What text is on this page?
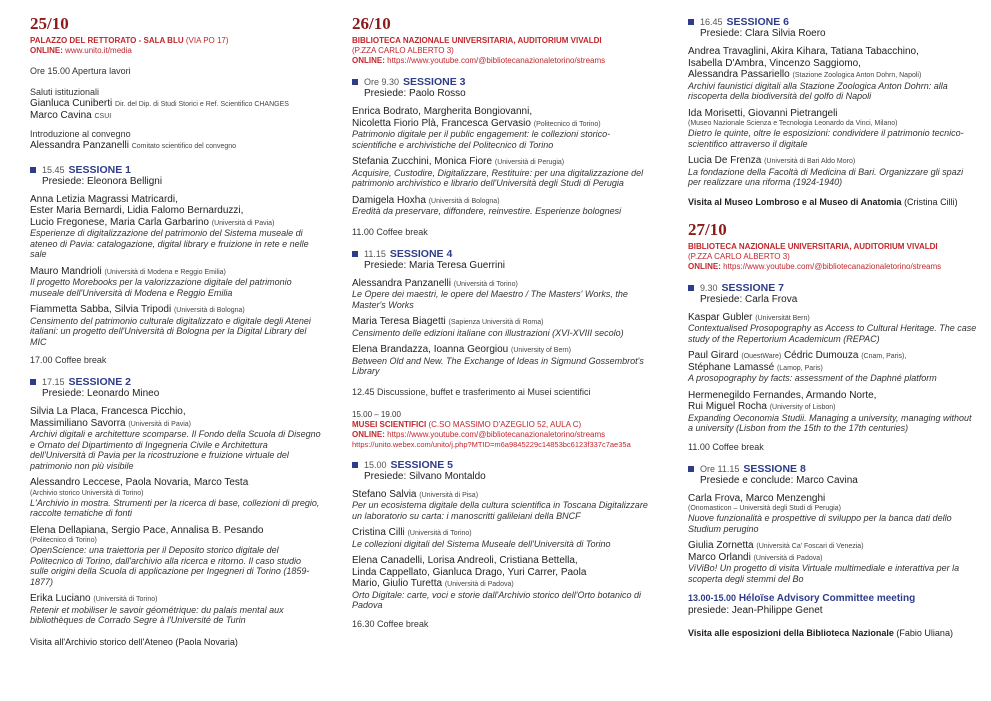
25/10
PALAZZO DEL RETTORATO - SALA BLU (VIA PO 17)
ONLINE: www.unito.it/media
Ore 15.00 Apertura lavori
Saluti istituzionali
Gianluca Cuniberti Dir. del Dip. di Studi Storici e Ref. Scientifico CHANGES
Marco Cavina CSUI
Introduzione al convegno
Alessandra Panzanelli Comitato scientifico del convegno
15.45 SESSIONE 1
Presiede: Eleonora Belligni
Anna Letizia Magrassi Matricardi,
Ester Maria Bernardi, Lidia Falomo Bernarduzzi,
Lucio Fregonese, Maria Carla Garbarino (Università di Pavia)
Esperienze di digitalizzazione del patrimonio del Sistema museale di ateneo di Pavia: catalogazione, digital library e fruizione in rete e nelle sale
Mauro Mandrioli (Università di Modena e Reggio Emilia)
Il progetto Morebooks per la valorizzazione digitale del patrimonio museale dell'Università di Modena e Reggio Emilia
Fiammetta Sabba, Silvia Tripodi (Università di Bologna)
Censimento del patrimonio culturale digitalizzato e digitale degli Atenei italiani: un progetto dell'Università di Bologna per la Digital Library del MIC
17.00 Coffee break
17.15 SESSIONE 2
Presiede: Leonardo Mineo
Silvia La Placa, Francesca Picchio,
Massimiliano Savorra (Università di Pavia)
Archivi digitali e architetture scomparse. Il Fondo della Scuola di Disegno e Ornato del Dipartimento di Ingegneria Civile e Architettura dell'Università di Pavia per la ricostruzione e fruizione virtuale del patrimonio non più visibile
Alessandro Leccese, Paola Novaria, Marco Testa
(Archivio storico Università di Torino)
L'Archivio in mostra. Strumenti per la ricerca di base, collezioni di pregio, raccolte tematiche di fonti
Elena Dellapiana, Sergio Pace, Annalisa B. Pesando
(Politecnico di Torino)
OpenScience: una traiettoria per il Deposito storico digitale del Politecnico di Torino, dall'archivio alla ricerca e ritorno. Il caso studio sulle origini della Scuola di applicazione per Ingegneri di Torino (1859-1877)
Erika Luciano (Università di Torino)
Retenir et mobiliser le savoir géométrique: du palais mental aux bibliothèques de Corrado Segre à l'Université de Turin
Visita all'Archivio storico dell'Ateneo (Paola Novaria)
26/10
BIBLIOTECA NAZIONALE UNIVERSITARIA, AUDITORIUM VIVALDI
(P.ZZA CARLO ALBERTO 3)
ONLINE: https://www.youtube.com/@bibliotecanazionaletorino/streams
Ore 9.30 SESSIONE 3
Presiede: Paolo Rosso
Enrica Bodrato, Margherita Bongiovanni,
Nicoletta Fiorio Plà, Francesca Gervasio (Politecnico di Torino)
Patrimonio digitale per il public engagement: le collezioni storico-scientifiche e archivistiche del Politecnico di Torino
Stefania Zucchini, Monica Fiore (Università di Perugia)
Acquisire, Custodire, Digitalizzare, Restituire: per una digitalizzazione del patrimonio archivistico e librario dell'Università degli Studi di Perugia
Damigela Hoxha (Università di Bologna)
Eredità da preservare, diffondere, reinvestire. Esperienze bolognesi
11.00 Coffee break
11.15 SESSIONE 4
Presiede: Maria Teresa Guerrini
Alessandra Panzanelli (Università di Torino)
Le Opere dei maestri, le opere del Maestro / The Masters' Works, the Master's Works
Maria Teresa Biagetti (Sapienza Università di Roma)
Censimento delle edizioni italiane con illustrazioni (XVI-XVIII secolo)
Elena Brandazza, Ioanna Georgiou (University of Bern)
Between Old and New. The Exchange of Ideas in Sigmund Gossembrot's Library
12.45 Discussione, buffet e trasferimento ai Musei scientifici
15.00 – 19.00
MUSEI SCIENTIFICI (C.SO MASSIMO D'AZEGLIO 52, AULA C)
ONLINE: https://www.youtube.com/@bibliotecanazionaletorino/streams
https://unito.webex.com/unito/j.php?MTID=m6a9845229c14853bc6123f337c7ae35a
15.00 SESSIONE 5
Presiede: Silvano Montaldo
Stefano Salvia (Università di Pisa)
Per un ecosistema digitale della cultura scientifica in Toscana Digitalizzare un laboratorio su carta: i manoscritti galileiani della BNCF
Cristina Cilli (Università di Torino)
Le collezioni digitali del Sistema Museale dell'Università di Torino
Elena Canadelli, Lorisa Andreoli, Cristiana Bettella,
Linda Cappellato, Gianluca Drago, Yuri Carrer, Paola
Mario, Giulio Turetta (Università di Padova)
Orto Digitale: carte, voci e storie dall'Archivio storico dell'Orto botanico di Padova
16.30 Coffee break
16.45 SESSIONE 6
Presiede: Clara Silvia Roero
Andrea Travaglini, Akira Kihara, Tatiana Tabacchino,
Isabella D'Ambra, Vincenzo Saggiomo,
Alessandra Passariello (Stazione Zoologica Anton Dohrn, Napoli)
Archivi faunistici digitali alla Stazione Zoologica Anton Dohrn: alla riscoperta della biodiversità del golfo di Napoli
Ida Morisetti, Giovanni Pietrangeli
(Museo Nazionale Scienza e Tecnologia Leonardo da Vinci, Milano)
Dietro le quinte, oltre le esposizioni: condividere il patrimonio tecnico-scientifico attraverso il digitale
Lucia De Frenza (Università di Bari Aldo Moro)
La fondazione della Facoltà di Medicina di Bari. Organizzare gli spazi per realizzare una riforma (1924-1940)
Visita al Museo Lombroso e al Museo di Anatomia (Cristina Cilli)
27/10
BIBLIOTECA NAZIONALE UNIVERSITARIA, AUDITORIUM VIVALDI
(P.ZZA CARLO ALBERTO 3)
ONLINE: https://www.youtube.com/@bibliotecanazionaletorino/streams
9.30 SESSIONE 7
Presiede: Carla Frova
Kaspar Gubler (Universität Bern)
Contextualised Prosopography as Access to Cultural Heritage. The case study of the Repertorium Academicum (REPAC)
Paul Girard (OuestWare) Cédric Dumouza (Cnam, Paris),
Stéphane Lamassé (Lamop, Paris)
A prosopography by facts: assessment of the Daphné platform
Hermenegildo Fernandes, Armando Norte,
Rui Miguel Rocha (University of Lisbon)
Expanding Oeconomia Studii. Managing a university, managing without a university (Lisbon from the 15th to the 17th centuries)
11.00 Coffee break
Ore 11.15 SESSIONE 8
Presiede e conclude: Marco Cavina
Carla Frova, Marco Menzenghi
(Onomasticon – Università degli Studi di Perugia)
Nuove funzionalità e prospettive di sviluppo per la banca dati dello Studium perugino
Giulia Zornetta (Università Ca' Foscari di Venezia)
Marco Orlandi (Università di Padova)
ViViBo! Un progetto di visita Virtuale multimediale e interattiva per la scoperta degli stemmi del Bo
13.00-15.00 Héloïse Advisory Committee meeting
presiede: Jean-Philippe Genet
Visita alle esposizioni della Biblioteca Nazionale (Fabio Uliana)
